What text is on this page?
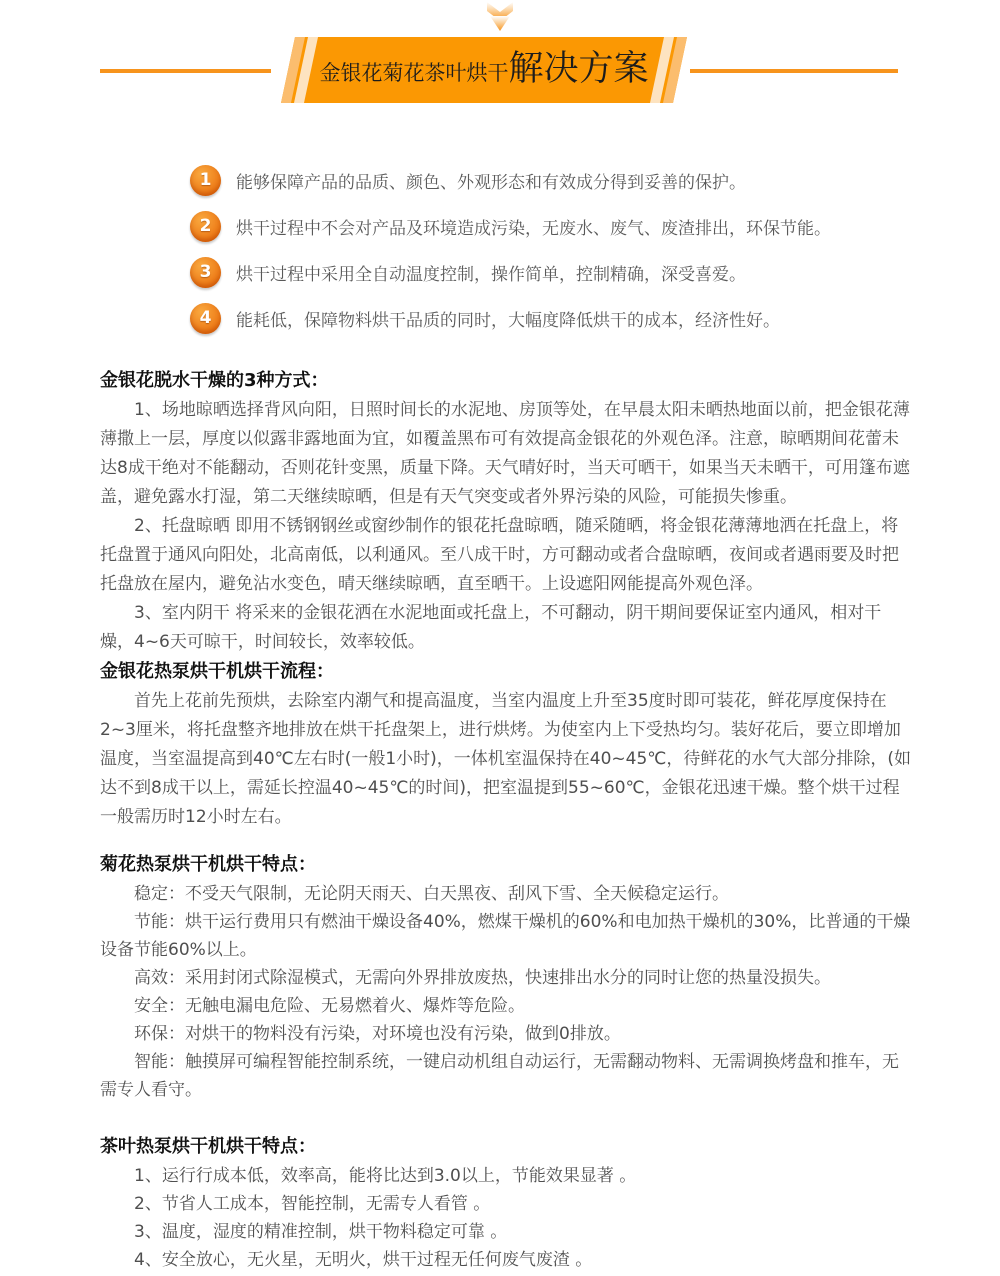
金银花菊花茶叶烘干解决方案
1 能够保障产品的品质、颜色、外观形态和有效成分得到妥善的保护。
2 烘干过程中不会对产品及环境造成污染，无废水、废气、废渣排出，环保节能。
3 烘干过程中采用全自动温度控制，操作简单，控制精确，深受喜爱。
4 能耗低，保障物料烘干品质的同时，大幅度降低烘干的成本，经济性好。
金银花脱水干燥的3种方式：

1、场地晾晒选择背风向阳，日照时间长的水泥地、房顶等处，在早晨太阳未晒热地面以前，把金银花薄薄撒上一层，厚度以似露非露地面为宜，如覆盖黑布可有效提高金银花的外观色泽。注意，晾晒期间花蕾未达8成干绝对不能翻动，否则花针变黑，质量下降。天气晴好时，当天可晒干，如果当天未晒干，可用篷布遮盖，避免露水打湿，第二天继续晾晒，但是有天气突变或者外界污染的风险，可能损失惨重。

2、托盘晾晒 即用不锈钢钢丝或窗纱制作的银花托盘晾晒，随采随晒，将金银花薄薄地洒在托盘上，将托盘置于通风向阳处，北高南低，以利通风。至八成干时，方可翻动或者合盘晾晒，夜间或者遇雨要及时把托盘放在屋内，避免沾水变色，晴天继续晾晒，直至晒干。上设遮阳网能提高外观色泽。

3、室内阴干 将采来的金银花洒在水泥地面或托盘上，不可翻动，阴干期间要保证室内通风，相对干燥，4~6天可晾干，时间较长，效率较低。

金银花热泵烘干机烘干流程：

首先上花前先预烘，去除室内潮气和提高温度，当室内温度上升至35度时即可装花，鲜花厚度保持在2~3厘米，将托盘整齐地排放在烘干托盘架上，进行烘烤。为使室内上下受热均匀。装好花后，要立即增加温度，当室温提高到40℃左右时(一般1小时)，一体机室温保持在40~45℃，待鲜花的水气大部分排除，(如达不到8成干以上，需延长控温40~45℃的时间)，把室温提到55~60℃，金银花迅速干燥。整个烘干过程一般需历时12小时左右。

菊花热泵烘干机烘干特点：

稳定：不受天气限制，无论阴天雨天、白天黑夜、刮风下雪、全天候稳定运行。

节能：烘干运行费用只有燃油干燥设备40%，燃煤干燥机的60%和电加热干燥机的30%，比普通的干燥设备节能60%以上。

高效：采用封闭式除湿模式，无需向外界排放废热，快速排出水分的同时让您的热量没损失。

安全：无触电漏电危险、无易燃着火、爆炸等危险。

环保：对烘干的物料没有污染，对环境也没有污染，做到0排放。

智能：触摸屏可编程智能控制系统，一键启动机组自动运行，无需翻动物料、无需调换烤盘和推车，无需专人看守。

茶叶热泵烘干机烘干特点：

1、运行行成本低，效率高，能将比达到3.0以上，节能效果显著 。

2、节省人工成本，智能控制，无需专人看管 。

3、温度，湿度的精准控制，烘干物料稳定可靠 。

4、安全放心，无火星，无明火，烘干过程无任何废气废渣 。
